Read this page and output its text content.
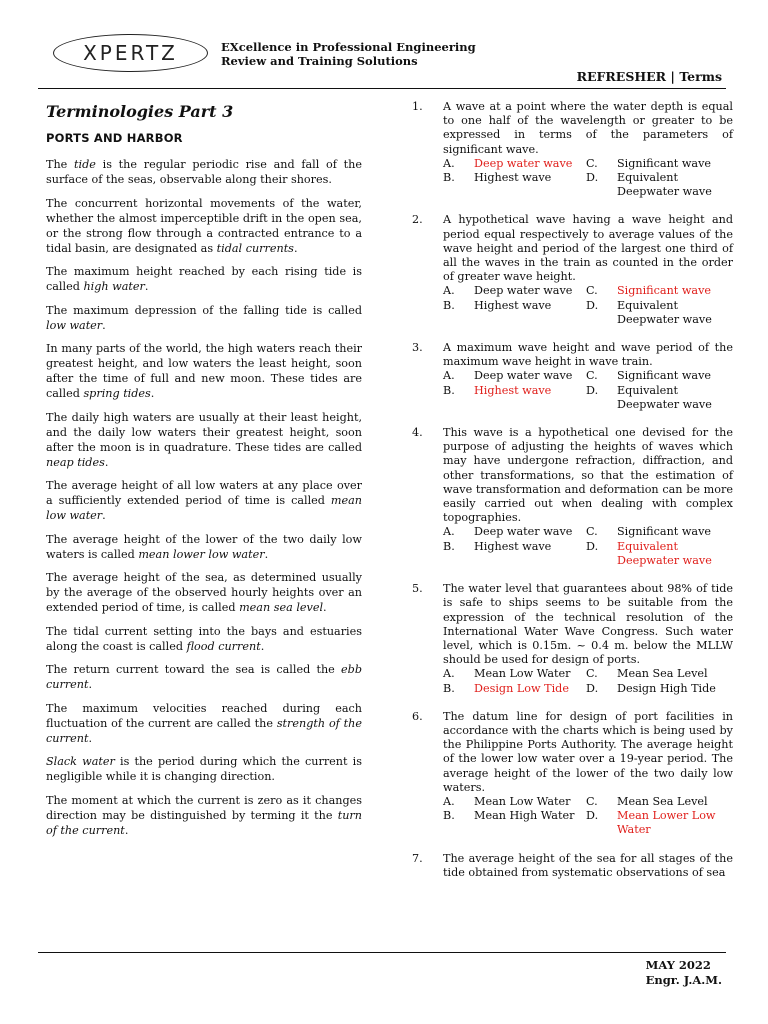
XPERTZ	EXcellence in Professional Engineering
Review and Training Solutions
REFRESHER | Terms
Terminologies Part 3
PORTS AND HARBOR
The tide is the regular periodic rise and fall of the surface of the seas, observable along their shores.
The concurrent horizontal movements of the water, whether the almost imperceptible drift in the open sea, or the strong flow through a contracted entrance to a tidal basin, are designated as tidal currents.
The maximum height reached by each rising tide is called high water.
The maximum depression of the falling tide is called low water.
In many parts of the world, the high waters reach their greatest height, and low waters the least height, soon after the time of full and new moon. These tides are called spring tides.
The daily high waters are usually at their least height, and the daily low waters their greatest height, soon after the moon is in quadrature. These tides are called neap tides.
The average height of all low waters at any place over a sufficiently extended period of time is called mean low water.
The average height of the lower of the two daily low waters is called mean lower low water.
The average height of the sea, as determined usually by the average of the observed hourly heights over an extended period of time, is called mean sea level.
The tidal current setting into the bays and estuaries along the coast is called flood current.
The return current toward the sea is called the ebb current.
The maximum velocities reached during each fluctuation of the current are called the strength of the current.
Slack water is the period during which the current is negligible while it is changing direction.
The moment at which the current is zero as it changes direction may be distinguished by terming it the turn of the current.
1.	A wave at a point where the water depth is equal to one half of the wavelength or greater to be expressed in terms of the parameters of significant wave.
A.	Deep water wave	C.	Significant wave
B.	Highest wave	D.	Equivalent Deepwater wave
2.	A hypothetical wave having a wave height and period equal respectively to average values of the wave height and period of the largest one third of all the waves in the train as counted in the order of greater wave height.
A.	Deep water wave	C.	Significant wave
B.	Highest wave	D.	Equivalent Deepwater wave
3.	A maximum wave height and wave period of the maximum wave height in wave train.
A.	Deep water wave	C.	Significant wave
B.	Highest wave	D.	Equivalent Deepwater wave
4.	This wave is a hypothetical one devised for the purpose of adjusting the heights of waves which may have undergone refraction, diffraction, and other transformations, so that the estimation of wave transformation and deformation can be more easily carried out when dealing with complex topographies.
A.	Deep water wave	C.	Significant wave
B.	Highest wave	D.	Equivalent Deepwater wave
5.	The water level that guarantees about 98% of tide is safe to ships seems to be suitable from the expression of the technical resolution of the International Water Wave Congress. Such water level, which is 0.15m. ~ 0.4 m. below the MLLW should be used for design of ports.
A.	Mean Low Water	C.	Mean Sea Level
B.	Design Low Tide	D.	Design High Tide
6.	The datum line for design of port facilities in accordance with the charts which is being used by the Philippine Ports Authority. The average height of the lower low water over a 19-year period. The average height of the lower of the two daily low waters.
A.	Mean Low Water	C.	Mean Sea Level
B.	Mean High Water	D.	Mean Lower Low Water
7.	The average height of the sea for all stages of the tide obtained from systematic observations of sea
MAY 2022
Engr. J.A.M.
